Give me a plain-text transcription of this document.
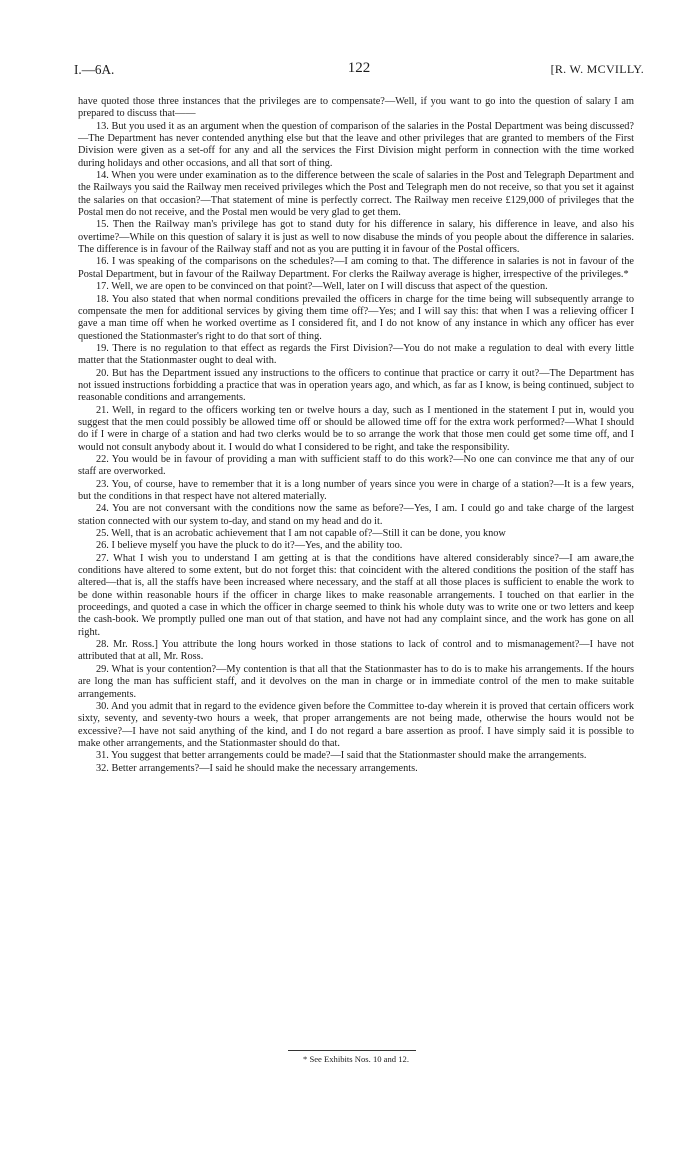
I.—6A.	122	[R. W. MCVILLY.

have quoted those three instances that the privileges are to compensate?—Well, if you want to go into the question of salary I am prepared to discuss that——

13. But you used it as an argument when the question of comparison of the salaries in the Postal Department was being discussed?—The Department has never contended anything else but that the leave and other privileges that are granted to members of the First Division were given as a set-off for any and all the services the First Division might perform in connection with the time worked during holidays and other occasions, and all that sort of thing.

14. When you were under examination as to the difference between the scale of salaries in the Post and Telegraph Department and the Railways you said the Railway men received privileges which the Post and Telegraph men do not receive, so that you set it against the salaries on that occasion?—That statement of mine is perfectly correct. The Railway men receive £129,000 of privileges that the Postal men do not receive, and the Postal men would be very glad to get them.

15. Then the Railway man's privilege has got to stand duty for his difference in salary, his difference in leave, and also his overtime?—While on this question of salary it is just as well to now disabuse the minds of you people about the difference in salaries. The difference is in favour of the Railway staff and not as you are putting it in favour of the Postal officers.

16. I was speaking of the comparisons on the schedules?—I am coming to that. The difference in salaries is not in favour of the Postal Department, but in favour of the Railway Department. For clerks the Railway average is higher, irrespective of the privileges.*

17. Well, we are open to be convinced on that point?—Well, later on I will discuss that aspect of the question.

18. You also stated that when normal conditions prevailed the officers in charge for the time being will subsequently arrange to compensate the men for additional services by giving them time off?—Yes; and I will say this: that when I was a relieving officer I gave a man time off when he worked overtime as I considered fit, and I do not know of any instance in which any officer has ever questioned the Stationmaster's right to do that sort of thing.

19. There is no regulation to that effect as regards the First Division?—You do not make a regulation to deal with every little matter that the Stationmaster ought to deal with.

20. But has the Department issued any instructions to the officers to continue that practice or carry it out?—The Department has not issued instructions forbidding a practice that was in operation years ago, and which, as far as I know, is being continued, subject to reasonable conditions and arrangements.

21. Well, in regard to the officers working ten or twelve hours a day, such as I mentioned in the statement I put in, would you suggest that the men could possibly be allowed time off or should be allowed time off for the extra work performed?—What I should do if I were in charge of a station and had two clerks would be to so arrange the work that those men could get some time off, and I would not consult anybody about it. I would do what I considered to be right, and take the responsibility.

22. You would be in favour of providing a man with sufficient staff to do this work?—No one can convince me that any of our staff are overworked.

23. You, of course, have to remember that it is a long number of years since you were in charge of a station?—It is a few years, but the conditions in that respect have not altered materially.

24. You are not conversant with the conditions now the same as before?—Yes, I am. I could go and take charge of the largest station connected with our system to-day, and stand on my head and do it.

25. Well, that is an acrobatic achievement that I am not capable of?—Still it can be done, you know

26. I believe myself you have the pluck to do it?—Yes, and the ability too.

27. What I wish you to understand I am getting at is that the conditions have altered considerably since?—I am aware,the conditions have altered to some extent, but do not forget this: that coincident with the altered conditions the position of the staff has altered—that is, all the staffs have been increased where necessary, and the staff at all those places is sufficient to enable the work to be done within reasonable hours if the officer in charge likes to make reasonable arrangements. I touched on that earlier in the proceedings, and quoted a case in which the officer in charge seemed to think his whole duty was to write one or two letters and keep the cash-book. We promptly pulled one man out of that station, and have not had any complaint since, and the work has gone on all right.

28. Mr. Ross.] You attribute the long hours worked in those stations to lack of control and to mismanagement?—I have not attributed that at all, Mr. Ross.

29. What is your contention?—My contention is that all that the Stationmaster has to do is to make his arrangements. If the hours are long the man has sufficient staff, and it devolves on the man in charge or in immediate control of the men to make suitable arrangements.

30. And you admit that in regard to the evidence given before the Committee to-day wherein it is proved that certain officers work sixty, seventy, and seventy-two hours a week, that proper arrangements are not being made, otherwise the hours would not be excessive?—I have not said anything of the kind, and I do not regard a bare assertion as proof. I have simply said it is possible to make other arrangements, and the Stationmaster should do that.

31. You suggest that better arrangements could be made?—I said that the Stationmaster should make the arrangements.

32. Better arrangements?—I said he should make the necessary arrangements.

* See Exhibits Nos. 10 and 12.
